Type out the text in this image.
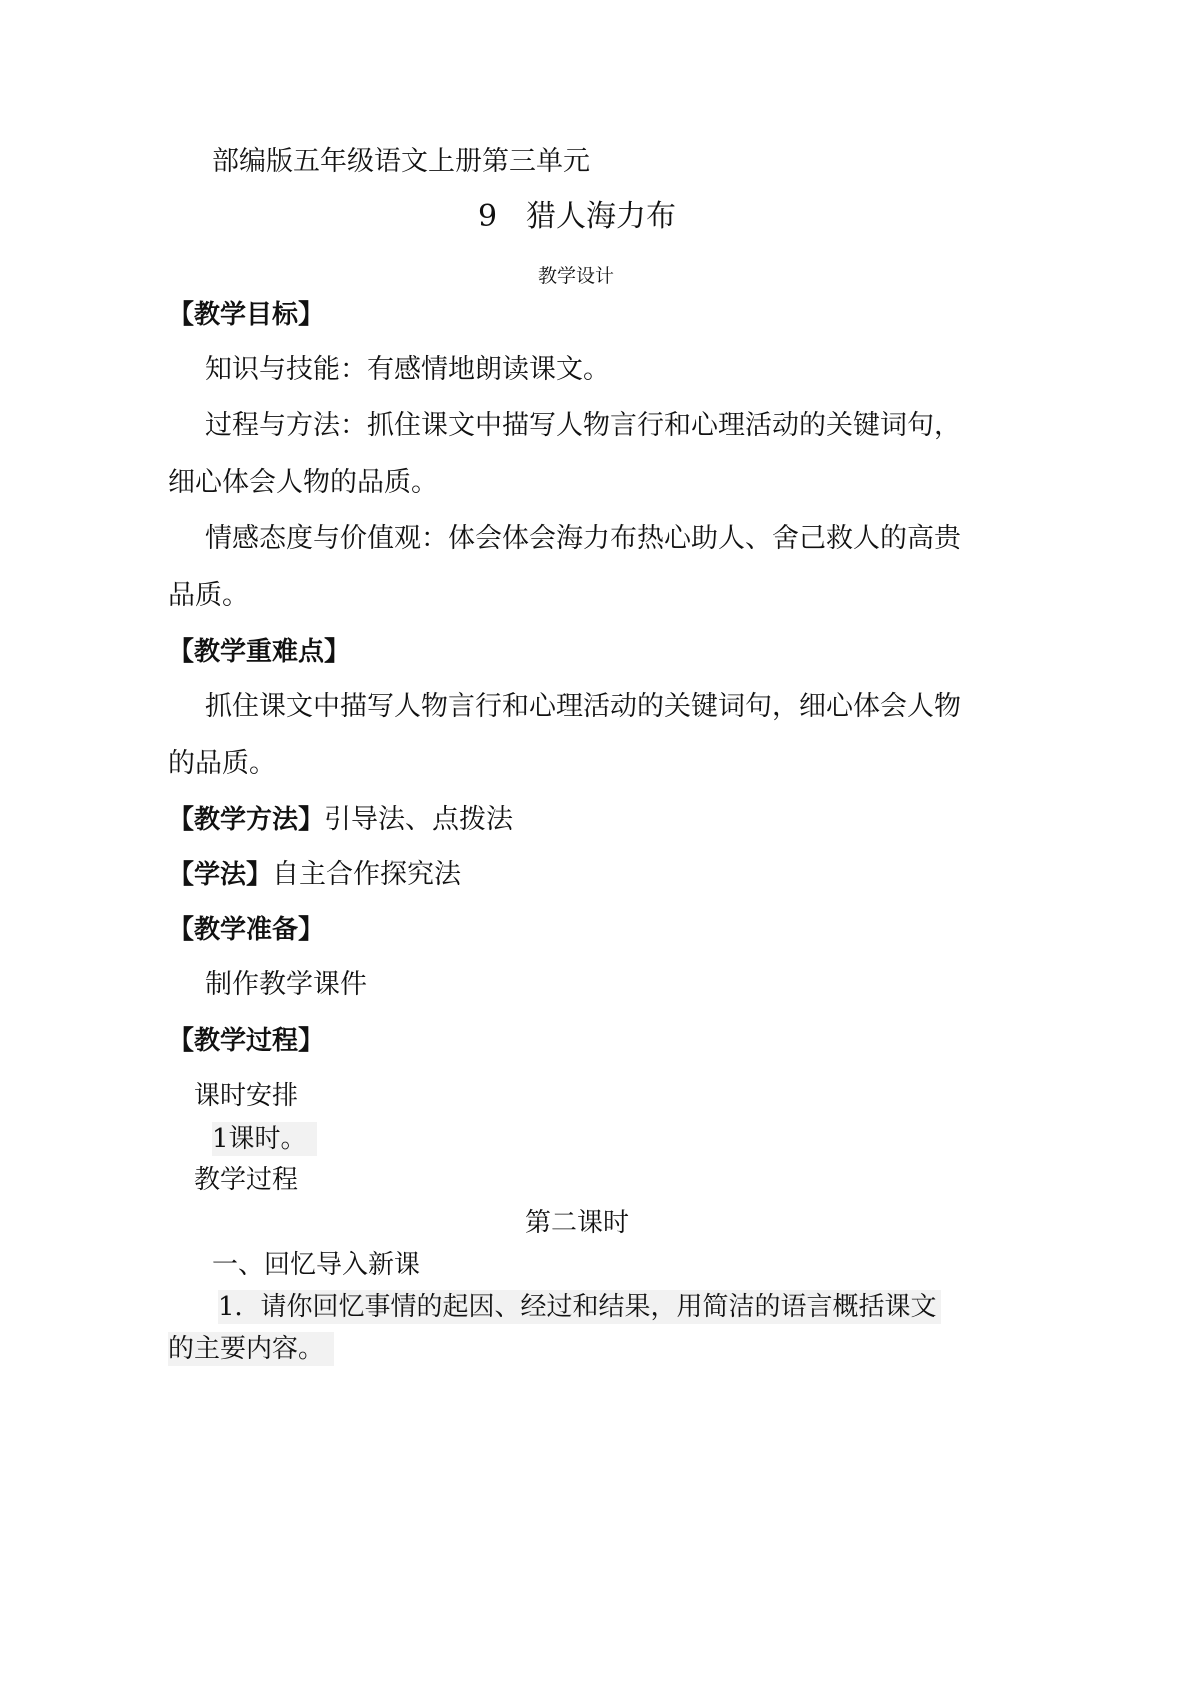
部编版五年级语文上册第三单元
9 猎人海力布
教学设计
【教学目标】
知识与技能：有感情地朗读课文。
过程与方法：抓住课文中描写人物言行和心理活动的关键词句，
细心体会人物的品质。
情感态度与价值观：体会体会海力布热心助人、舍己救人的高贵
品质。
【教学重难点】
抓住课文中描写人物言行和心理活动的关键词句，细心体会人物
的品质。
【教学方法】引导法、点拨法
【学法】自主合作探究法
【教学准备】
制作教学课件
【教学过程】
课时安排
1课时。
教学过程
第二课时
一、回忆导入新课
1．请你回忆事情的起因、经过和结果，用简洁的语言概括课文
的主要内容。
